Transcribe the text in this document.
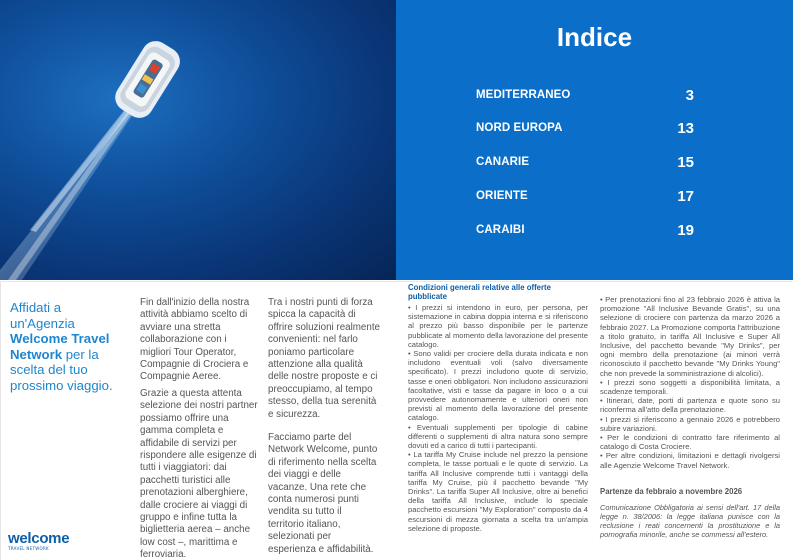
Indice
MEDITERRANEO	3
NORD EUROPA	13
CANARIE	15
ORIENTE	17
CARAIBI	19
Affidati a un'Agenzia Welcome Travel Network per la scelta del tuo prossimo viaggio.
welcome
TRAVEL NETWORK
Fin dall'inizio della nostra attività abbiamo scelto di avviare una stretta collaborazione con i migliori Tour Operator, Compagnie di Crociera e Compagnie Aeree.
Grazie a questa attenta selezione dei nostri partner possiamo offrire una gamma completa e affidabile di servizi per rispondere alle esigenze di tutti i viaggiatori: dai pacchetti turistici alle prenotazioni alberghiere, dalle crociere ai viaggi di gruppo e infine tutta la biglietteria aerea – anche low cost –, marittima e ferroviaria.
Tra i nostri punti di forza spicca la capacità di offrire soluzioni realmente convenienti: nel farlo poniamo particolare attenzione alla qualità delle nostre proposte e ci preoccupiamo, al tempo stesso, della tua serenità e sicurezza.
Facciamo parte del Network Welcome, punto di riferimento nella scelta dei viaggi e delle vacanze. Una rete che conta numerosi punti vendita su tutto il territorio italiano, selezionati per esperienza e affidabilità.
Condizioni generali relative alle offerte pubblicate

• I prezzi si intendono in euro, per persona, per sistemazione in cabina doppia interna e si riferiscono al prezzo più basso disponibile per le partenze pubblicate al momento della lavorazione del presente catalogo.

• Sono validi per crociere della durata indicata e non includono eventuali voli (salvo diversamente specificato). I prezzi includono quote di servizio, tasse e oneri obbligatori. Non includono assicurazioni facoltative, visti e tasse da pagare in loco o a cui provvedere autonomamente e ulteriori oneri non previsti al momento della lavorazione del presente catalogo.

• Eventuali supplementi per tipologie di cabine differenti o supplementi di altra natura sono sempre dovuti ed a carico di tutti i partecipanti.

• La tariffa My Cruise include nel prezzo la pensione completa, le tasse portuali e le quote di servizio. La tariffa All Inclusive comprende tutti i vantaggi della tariffa My Cruise, più il pacchetto bevande "My Drinks". La tariffa Super All Inclusive, oltre ai benefici della tariffa All Inclusive, include lo speciale pacchetto escursioni "My Exploration" composto da 4 escursioni di mezza giornata a scelta tra un'ampia selezione di proposte.

• Per prenotazioni fino al 23 febbraio 2026 è attiva la promozione "All Inclusive Bevande Gratis", su una selezione di crociere con partenza da marzo 2026 a febbraio 2027. La Promozione comporta l'attribuzione a titolo gratuito, in tariffa All Inclusive e Super All Inclusive, del pacchetto bevande "My Drinks", per ogni membro della prenotazione (ai minori verrà riconosciuto il pacchetto bevande "My Drinks Young" che non prevede la somministrazione di alcolici).

• I prezzi sono soggetti a disponibilità limitata, a scadenze temporali.

• Itinerari, date, porti di partenza e quote sono su riconferma all'atto della prenotazione.

• I prezzi si riferiscono a gennaio 2026 e potrebbero subire variazioni.

• Per le condizioni di contratto fare riferimento al catalogo di Costa Crociere.

• Per altre condizioni, limitazioni e dettagli rivolgersi alle Agenzie Welcome Travel Network.

Partenze da febbraio a novembre 2026
Comunicazione Obbligatoria ai sensi dell'art. 17 della legge n. 38/2006: la legge italiana punisce con la reclusione i reati concernenti la prostituzione e la pornografia minorile, anche se commessi all'estero.
